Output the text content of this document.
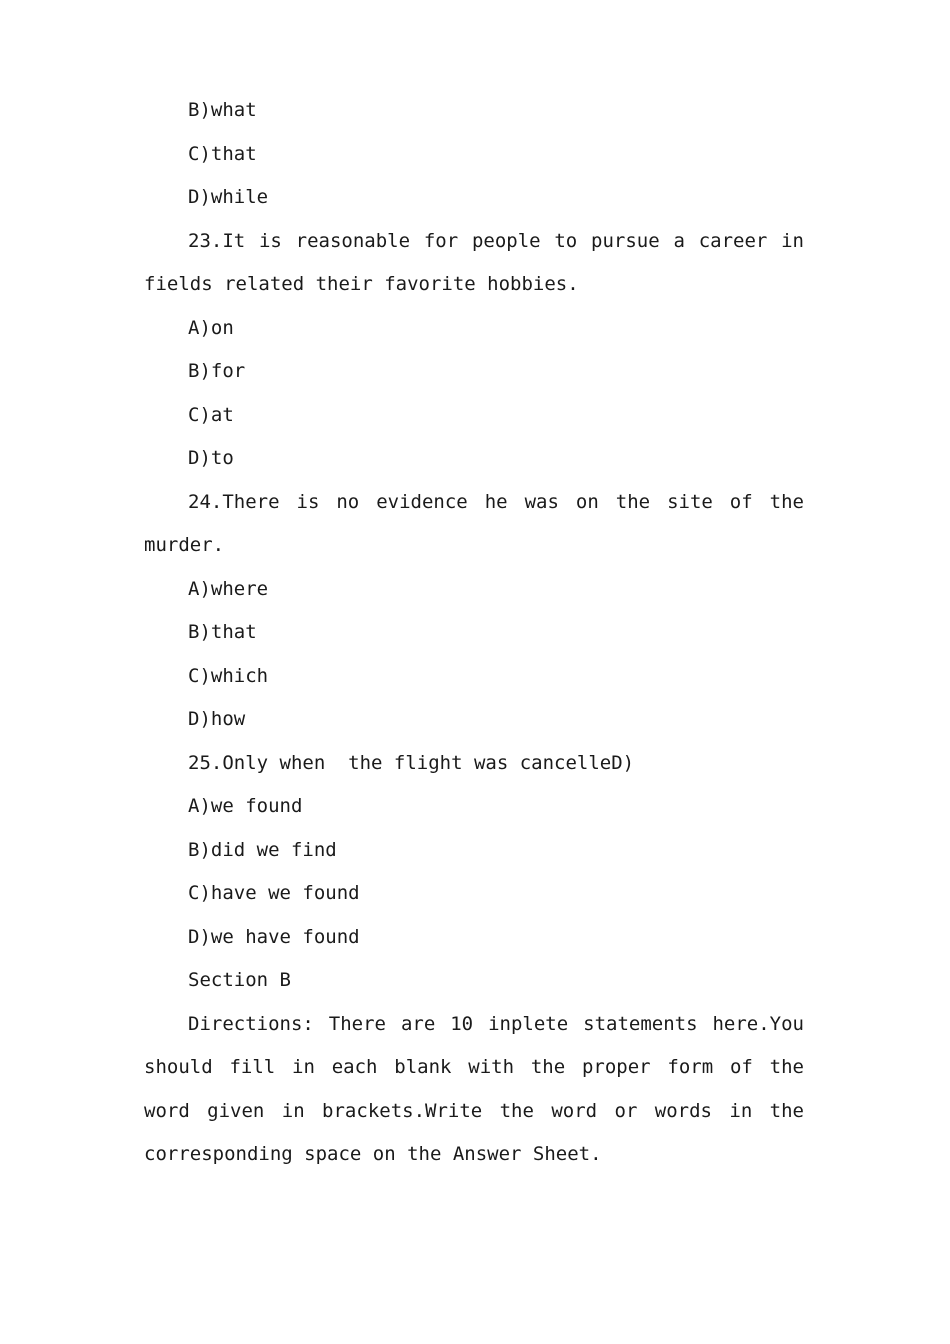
B)what

C)that

D)while

23.It is reasonable for people to pursue a career in fields related their favorite hobbies.

A)on

B)for

C)at

D)to

24.There is no evidence he was on the site of the murder.

A)where

B)that

C)which

D)how

25.Only when  the flight was cancelleD)

A)we found

B)did we find

C)have we found

D)we have found

Section B

Directions: There are 10 inplete statements here.You should fill in each blank with the proper form of the word given in brackets.Write the word or words in the corresponding space on the Answer Sheet.
